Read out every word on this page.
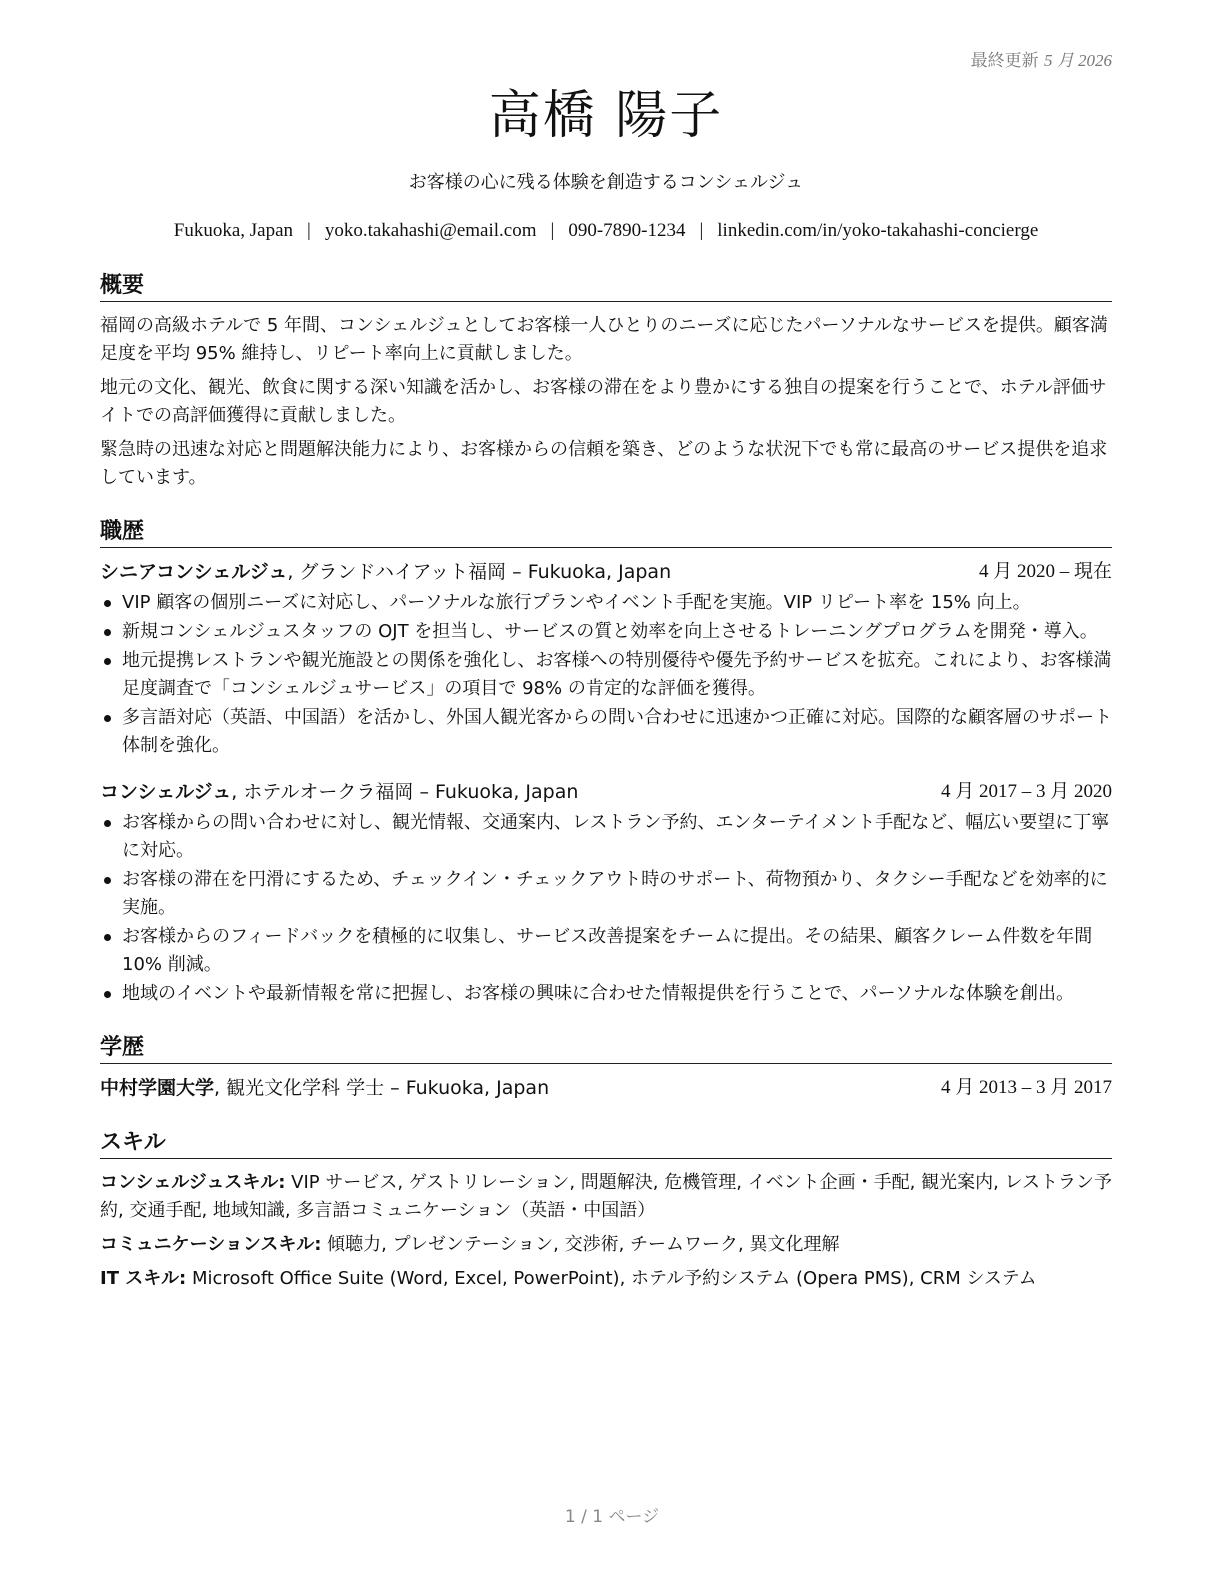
最終更新 5 月 2026
高橋 陽子
お客様の心に残る体験を創造するコンシェルジュ
Fukuoka, Japan | yoko.takahashi@email.com | 090-7890-1234 | linkedin.com/in/yoko-takahashi-concierge
概要

福岡の高級ホテルで 5 年間、コンシェルジュとしてお客様一人ひとりのニーズに応じたパーソナルなサービスを提供。顧客満足度を平均 95% 維持し、リピート率向上に貢献しました。

地元の文化、観光、飲食に関する深い知識を活かし、お客様の滞在をより豊かにする独自の提案を行うことで、ホテル評価サイトでの高評価獲得に貢献しました。

緊急時の迅速な対応と問題解決能力により、お客様からの信頼を築き、どのような状況下でも常に最高のサービス提供を追求しています。

職歴
シニアコンシェルジュ, グランドハイアット福岡 – Fukuoka, Japan	4 月 2020 – 現在
VIP 顧客の個別ニーズに対応し、パーソナルな旅行プランやイベント手配を実施。VIP リピート率を 15% 向上。
新規コンシェルジュスタッフの OJT を担当し、サービスの質と効率を向上させるトレーニングプログラムを開発・導入。
地元提携レストランや観光施設との関係を強化し、お客様への特別優待や優先予約サービスを拡充。これにより、お客様満足度調査で「コンシェルジュサービス」の項目で 98% の肯定的な評価を獲得。
多言語対応（英語、中国語）を活かし、外国人観光客からの問い合わせに迅速かつ正確に対応。国際的な顧客層のサポート体制を強化。
コンシェルジュ, ホテルオークラ福岡 – Fukuoka, Japan	4 月 2017 – 3 月 2020
お客様からの問い合わせに対し、観光情報、交通案内、レストラン予約、エンターテイメント手配など、幅広い要望に丁寧に対応。
お客様の滞在を円滑にするため、チェックイン・チェックアウト時のサポート、荷物預かり、タクシー手配などを効率的に実施。
お客様からのフィードバックを積極的に収集し、サービス改善提案をチームに提出。その結果、顧客クレーム件数を年間 10% 削減。
地域のイベントや最新情報を常に把握し、お客様の興味に合わせた情報提供を行うことで、パーソナルな体験を創出。
学歴
中村学園大学, 観光文化学科 学士 – Fukuoka, Japan	4 月 2013 – 3 月 2017
スキル
コンシェルジュスキル: VIP サービス, ゲストリレーション, 問題解決, 危機管理, イベント企画・手配, 観光案内, レストラン予約, 交通手配, 地域知識, 多言語コミュニケーション（英語・中国語）
コミュニケーションスキル: 傾聴力, プレゼンテーション, 交渉術, チームワーク, 異文化理解
IT スキル: Microsoft Office Suite (Word, Excel, PowerPoint), ホテル予約システム (Opera PMS), CRM システム
1 / 1 ページ
